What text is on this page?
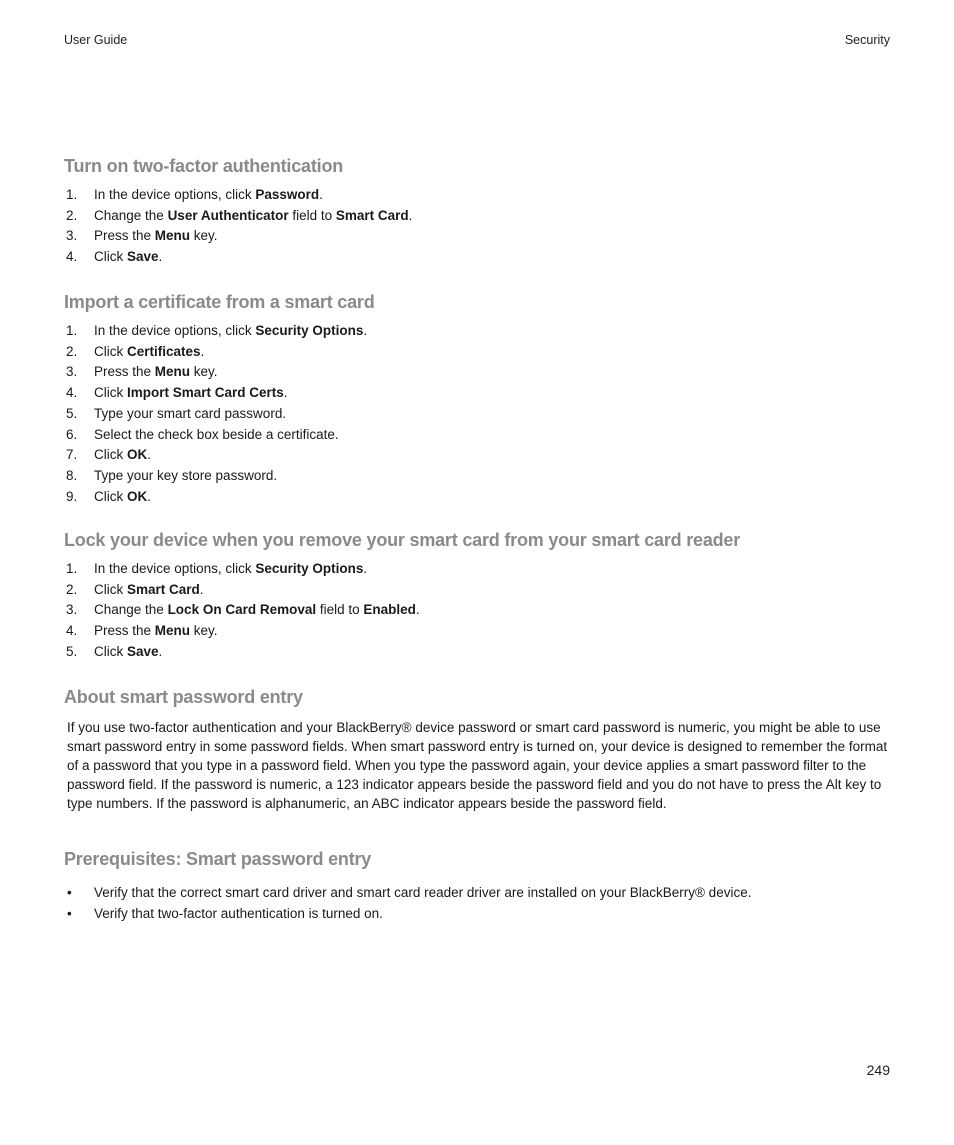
User Guide	Security
Turn on two-factor authentication
1. In the device options, click Password.
2. Change the User Authenticator field to Smart Card.
3. Press the Menu key.
4. Click Save.
Import a certificate from a smart card
1. In the device options, click Security Options.
2. Click Certificates.
3. Press the Menu key.
4. Click Import Smart Card Certs.
5. Type your smart card password.
6. Select the check box beside a certificate.
7. Click OK.
8. Type your key store password.
9. Click OK.
Lock your device when you remove your smart card from your smart card reader
1. In the device options, click Security Options.
2. Click Smart Card.
3. Change the Lock On Card Removal field to Enabled.
4. Press the Menu key.
5. Click Save.
About smart password entry

If you use two-factor authentication and your BlackBerry® device password or smart card password is numeric, you might be able to use smart password entry in some password fields. When smart password entry is turned on, your device is designed to remember the format of a password that you type in a password field. When you type the password again, your device applies a smart password filter to the password field. If the password is numeric, a 123 indicator appears beside the password field and you do not have to press the Alt key to type numbers. If the password is alphanumeric, an ABC indicator appears beside the password field.

Prerequisites: Smart password entry
• Verify that the correct smart card driver and smart card reader driver are installed on your BlackBerry® device.
• Verify that two-factor authentication is turned on.
249
